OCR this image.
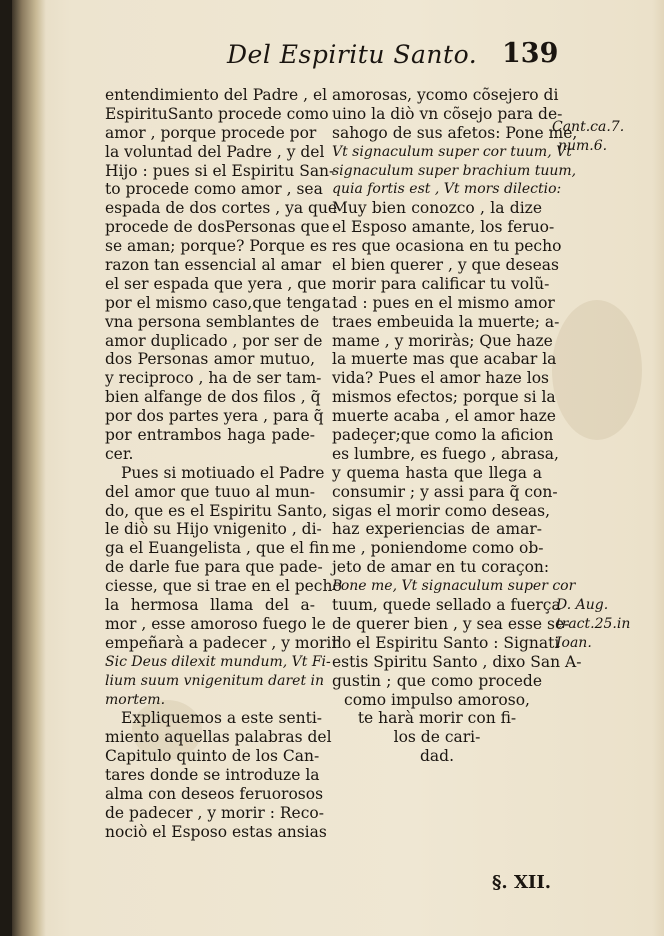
Del Espiritu Santo. 139
entendimiento del Padre , el
EspirituSanto procede como
amor , porque procede por
la voluntad del Padre , y del
Hijo : pues si el Espiritu San-
to procede como amor , sea
espada de dos cortes , ya que
procede de dosPersonas que
se aman; porque? Porque es
razon tan essencial al amar
el ser espada que yera , que
por el mismo caso,que tenga
vna persona semblantes de
amor duplicado , por ser de
dos Personas amor mutuo,
y reciproco , ha de ser tam-
bien alfange de dos filos , q̃
por dos partes yera , para q̃
por entrambos haga pade-
cer.
Pues si motiuado el Padre
del amor que tuuo al mun-
do, que es el Espiritu Santo,
le diò su Hijo vnigenito , di-
ga el Euangelista , que el fin
de darle fue para que pade-
ciesse, que si trae en el pecho
la hermosa llama del a-
mor , esse amoroso fuego le
empeñarà a padecer , y morir
Sic Deus dilexit mundum, Vt Fi-
lium suum vnigenitum daret in
mortem.
Expliquemos a este senti-
miento aquellas palabras del
Capitulo quinto de los Can-
tares donde se introduze la
alma con deseos feruorosos
de padecer , y morir : Reco-
nociò el Esposo estas ansias
amorosas, ycomo cõsejero di
uino la diò vn cõsejo para de-
sahogo de sus afetos: Pone me,
Vt signaculum super cor tuum, Vt
signaculum super brachium tuum,
quia fortis est , Vt mors dilectio:
Muy bien conozco , la dize
el Esposo amante, los feruo-
res que ocasiona en tu pecho
el bien querer , y que deseas
morir para calificar tu volũ-
tad : pues en el mismo amor
traes embeuida la muerte; a-
mame , y moriràs; Que haze
la muerte mas que acabar la
vida? Pues el amor haze los
mismos efectos; porque si la
muerte acaba , el amor haze
padeçer;que como la aficion
es lumbre, es fuego , abrasa,
y quema hasta que llega a
consumir ; y assi para q̃ con-
sigas el morir como deseas,
haz experiencias de amar-
me , poniendome como ob-
jeto de amar en tu coraçon:
Pone me, Vt signaculum super cor
tuum, quede sellado a fuerça
de querer bien , y sea esse se-
llo el Espiritu Santo : Signati
estis Spiritu Santo , dixo San A-
gustin ; que como procede
como impulso amoroso,
te harà morir con fi-
los de cari-
dad.
Cant.ca.7.
num.6.
D. Aug.
tract.25.in
Ioan.
§. XII.
